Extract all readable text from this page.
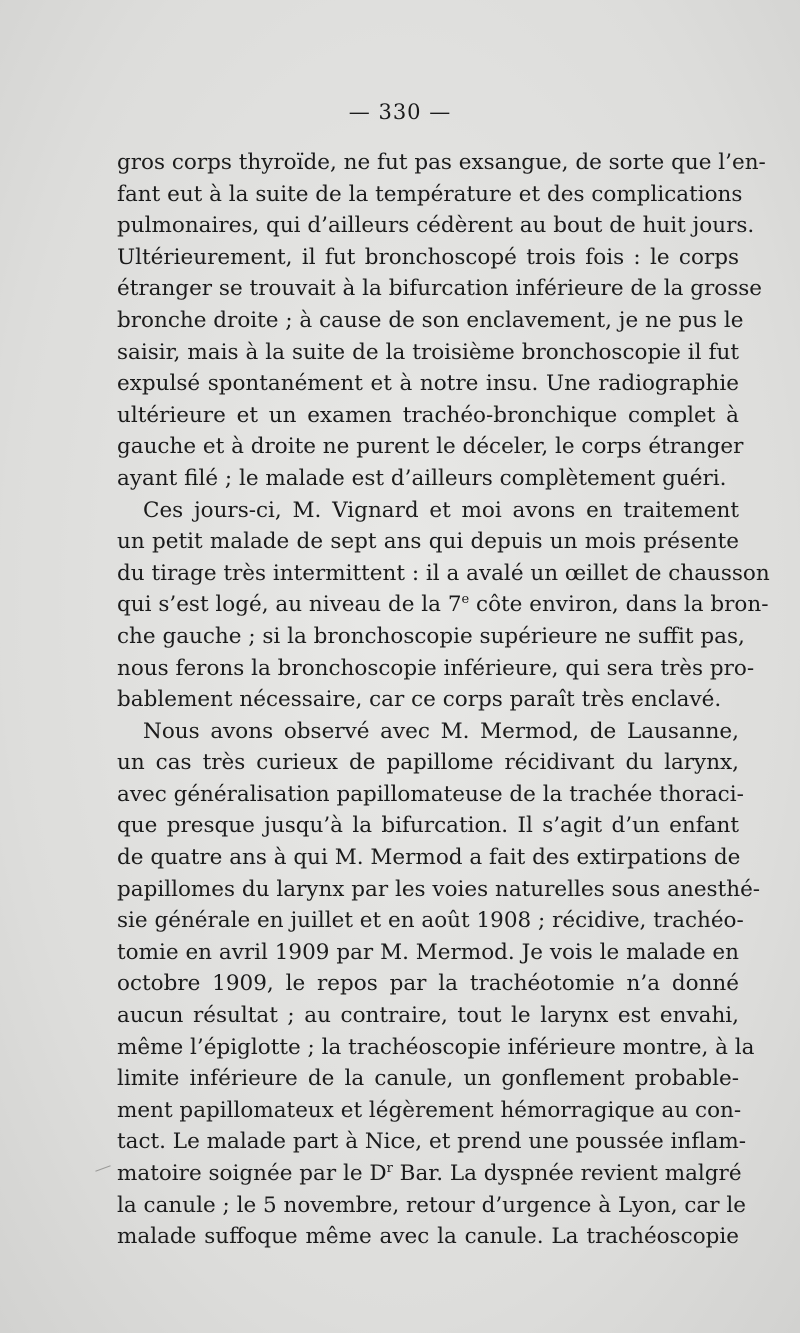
— 330 —
gros corps thyroïde, ne fut pas exsangue, de sorte que l’en-
fant eut à la suite de la température et des complications
pulmonaires, qui d’ailleurs cédèrent au bout de huit jours.
Ultérieurement, il fut bronchoscopé trois fois : le corps
étranger se trouvait à la bifurcation inférieure de la grosse
bronche droite ; à cause de son enclavement, je ne pus le
saisir, mais à la suite de la troisième bronchoscopie il fut
expulsé spontanément et à notre insu. Une radiographie
ultérieure et un examen trachéo-bronchique complet à
gauche et à droite ne purent le déceler, le corps étranger
ayant filé ; le malade est d’ailleurs complètement guéri.
Ces jours-ci, M. Vignard et moi avons en traitement
un petit malade de sept ans qui depuis un mois présente
du tirage très intermittent : il a avalé un œillet de chausson
qui s’est logé, au niveau de la 7e côte environ, dans la bron-
che gauche ; si la bronchoscopie supérieure ne suffit pas,
nous ferons la bronchoscopie inférieure, qui sera très pro-
bablement nécessaire, car ce corps paraît très enclavé.
Nous avons observé avec M. Mermod, de Lausanne,
un cas très curieux de papillome récidivant du larynx,
avec généralisation papillomateuse de la trachée thoraci-
que presque jusqu’à la bifurcation. Il s’agit d’un enfant
de quatre ans à qui M. Mermod a fait des extirpations de
papillomes du larynx par les voies naturelles sous anesthé-
sie générale en juillet et en août 1908 ; récidive, trachéo-
tomie en avril 1909 par M. Mermod. Je vois le malade en
octobre 1909, le repos par la trachéotomie n’a donné
aucun résultat ; au contraire, tout le larynx est envahi,
même l’épiglotte ; la trachéoscopie inférieure montre, à la
limite inférieure de la canule, un gonflement probable-
ment papillomateux et légèrement hémorragique au con-
tact. Le malade part à Nice, et prend une poussée inflam-
matoire soignée par le $D^r$ Bar. La dyspnée revient malgré
la canule ; le 5 novembre, retour d’urgence à Lyon, car le
malade suffoque même avec la canule. La trachéoscopie
